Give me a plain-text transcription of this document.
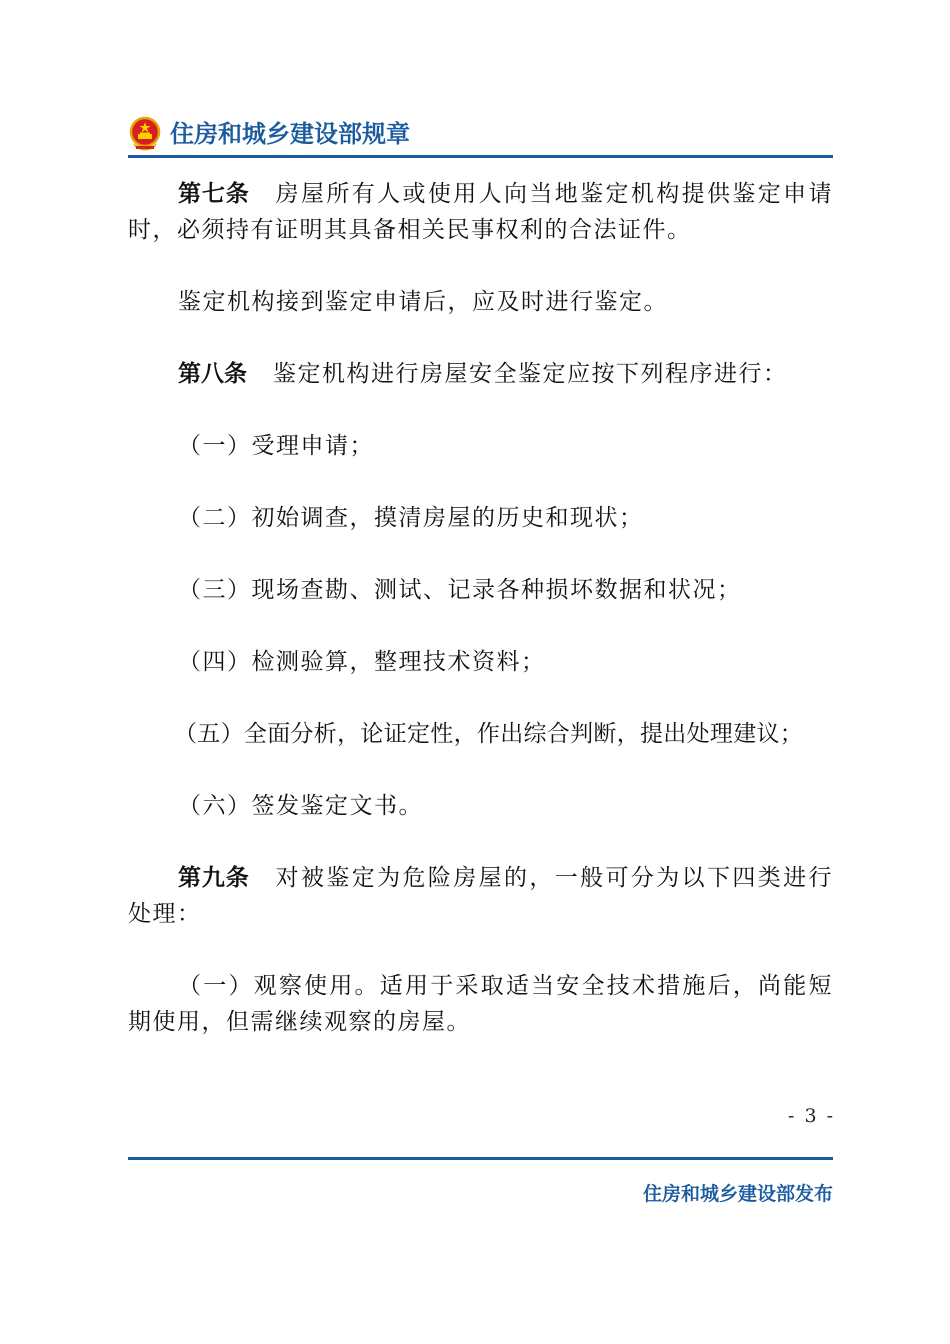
住房和城乡建设部规章

第七条 房屋所有人或使用人向当地鉴定机构提供鉴定申请时，必须持有证明其具备相关民事权利的合法证件。

鉴定机构接到鉴定申请后，应及时进行鉴定。

第八条 鉴定机构进行房屋安全鉴定应按下列程序进行：

（一）受理申请；

（二）初始调查，摸清房屋的历史和现状；

（三）现场查勘、测试、记录各种损坏数据和状况；

（四）检测验算，整理技术资料；

（五）全面分析，论证定性，作出综合判断，提出处理建议；

（六）签发鉴定文书。

第九条 对被鉴定为危险房屋的，一般可分为以下四类进行处理：

（一）观察使用。适用于采取适当安全技术措施后，尚能短期使用，但需继续观察的房屋。

- 3 -
住房和城乡建设部发布
